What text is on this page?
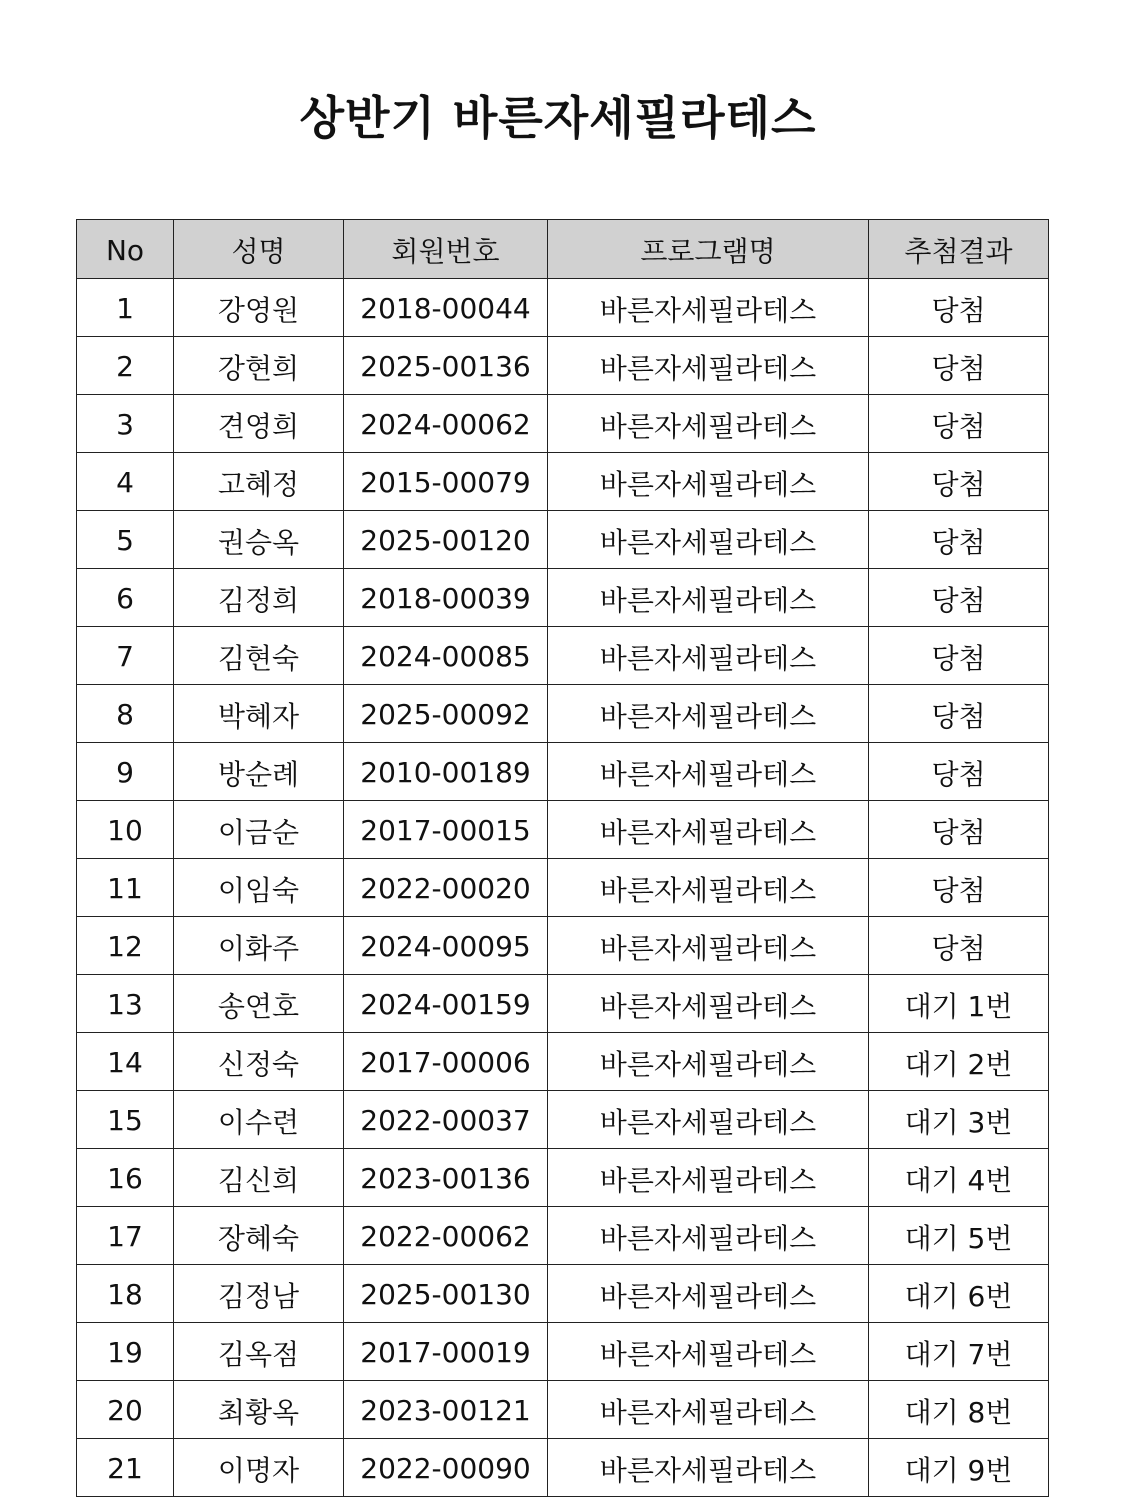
상반기 바른자세필라테스
No	성명	회원번호	프로그램명	추첨결과
1	강영원	2018-00044	바른자세필라테스	당첨
2	강현희	2025-00136	바른자세필라테스	당첨
3	견영희	2024-00062	바른자세필라테스	당첨
4	고혜정	2015-00079	바른자세필라테스	당첨
5	권승옥	2025-00120	바른자세필라테스	당첨
6	김정희	2018-00039	바른자세필라테스	당첨
7	김현숙	2024-00085	바른자세필라테스	당첨
8	박혜자	2025-00092	바른자세필라테스	당첨
9	방순례	2010-00189	바른자세필라테스	당첨
10	이금순	2017-00015	바른자세필라테스	당첨
11	이임숙	2022-00020	바른자세필라테스	당첨
12	이화주	2024-00095	바른자세필라테스	당첨
13	송연호	2024-00159	바른자세필라테스	대기 1번
14	신정숙	2017-00006	바른자세필라테스	대기 2번
15	이수련	2022-00037	바른자세필라테스	대기 3번
16	김신희	2023-00136	바른자세필라테스	대기 4번
17	장혜숙	2022-00062	바른자세필라테스	대기 5번
18	김정남	2025-00130	바른자세필라테스	대기 6번
19	김옥점	2017-00019	바른자세필라테스	대기 7번
20	최황옥	2023-00121	바른자세필라테스	대기 8번
21	이명자	2022-00090	바른자세필라테스	대기 9번
